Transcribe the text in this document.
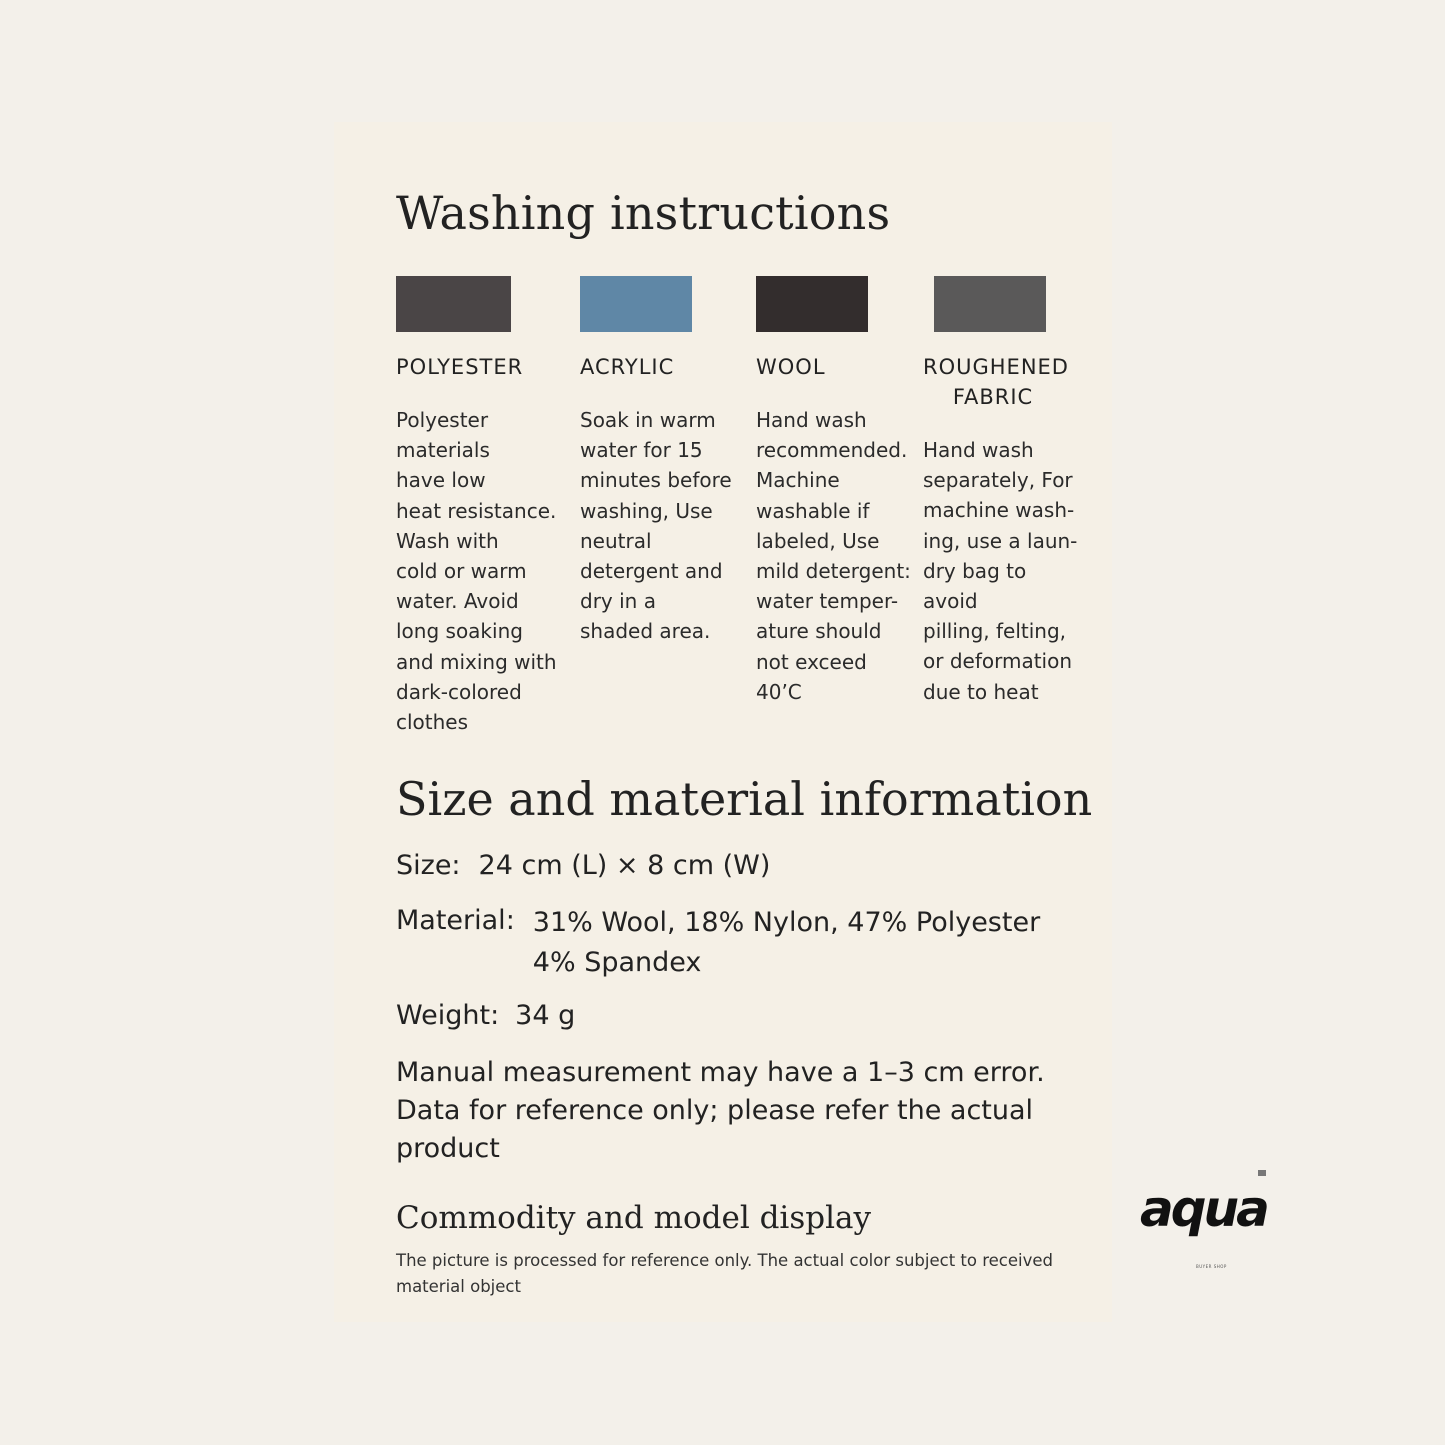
Washing instructions
POLYESTER
Polyester
materials
have low
heat resistance.
Wash with
cold or warm
water. Avoid
long soaking
and mixing with
dark-colored
clothes
ACRYLIC
Soak in warm
water for 15
minutes before
washing, Use
neutral
detergent and
dry in a
shaded area.
WOOL
Hand wash
recommended.
Machine
washable if
labeled, Use
mild detergent:
water temper-
ature should
not exceed
40’C
ROUGHENED
FABRIC
Hand wash
separately, For
machine wash-
ing, use a laun-
dry bag to avoid
pilling, felting,
or deformation
due to heat
Size and material information
Size: 24 cm (L) × 8 cm (W)
Material: 31% Wool, 18% Nylon, 47% Polyester
4% Spandex
Weight: 34 g
Manual measurement may have a 1–3 cm error.
Data for reference only; please refer the actual
product
Commodity and model display
The picture is processed for reference only. The actual color subject to received material object
aqua
BUYER SHOP
